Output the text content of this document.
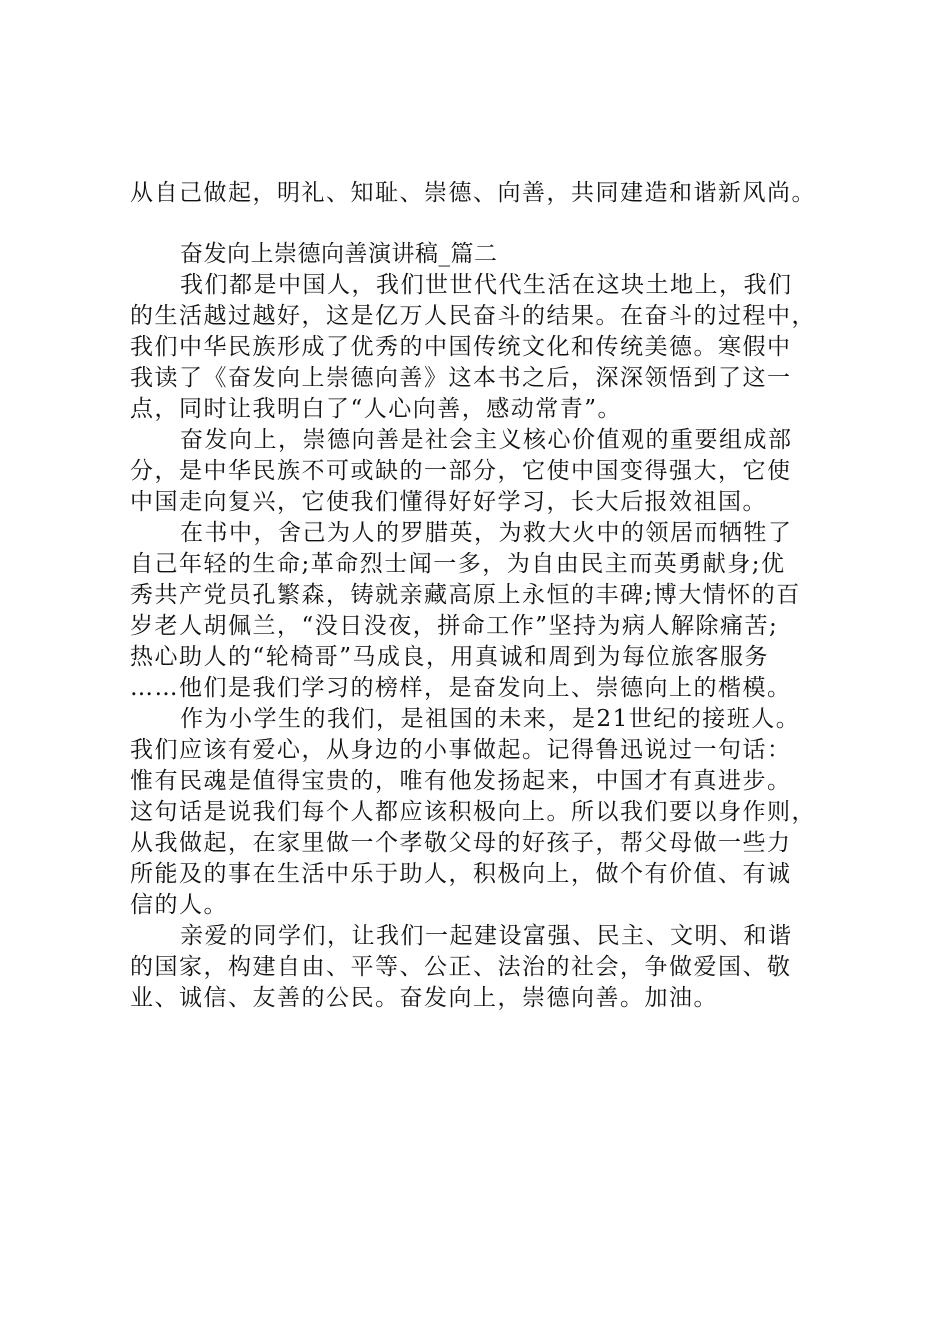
从自己做起，明礼、知耻、崇德、向善，共同建造和谐新风尚。
奋发向上崇德向善演讲稿_篇二
我们都是中国人，我们世世代代生活在这块土地上，我们
的生活越过越好，这是亿万人民奋斗的结果。在奋斗的过程中，
我们中华民族形成了优秀的中国传统文化和传统美德。寒假中
我读了《奋发向上崇德向善》这本书之后，深深领悟到了这一
点，同时让我明白了“人心向善，感动常青”。
奋发向上，崇德向善是社会主义核心价值观的重要组成部
分，是中华民族不可或缺的一部分，它使中国变得强大，它使
中国走向复兴，它使我们懂得好好学习，长大后报效祖国。
在书中，舍己为人的罗腊英，为救大火中的领居而牺牲了
自己年轻的生命;革命烈士闻一多，为自由民主而英勇献身;优
秀共产党员孔繁森，铸就亲藏高原上永恒的丰碑;博大情怀的百
岁老人胡佩兰，“没日没夜，拼命工作”坚持为病人解除痛苦;
热心助人的“轮椅哥”马成良，用真诚和周到为每位旅客服务
……他们是我们学习的榜样，是奋发向上、崇德向上的楷模。
作为小学生的我们，是祖国的未来，是21世纪的接班人。
我们应该有爱心，从身边的小事做起。记得鲁迅说过一句话：
惟有民魂是值得宝贵的，唯有他发扬起来，中国才有真进步。
这句话是说我们每个人都应该积极向上。所以我们要以身作则，
从我做起，在家里做一个孝敬父母的好孩子，帮父母做一些力
所能及的事在生活中乐于助人，积极向上，做个有价值、有诚
信的人。
亲爱的同学们，让我们一起建设富强、民主、文明、和谐
的国家，构建自由、平等、公正、法治的社会，争做爱国、敬
业、诚信、友善的公民。奋发向上，崇德向善。加油。
